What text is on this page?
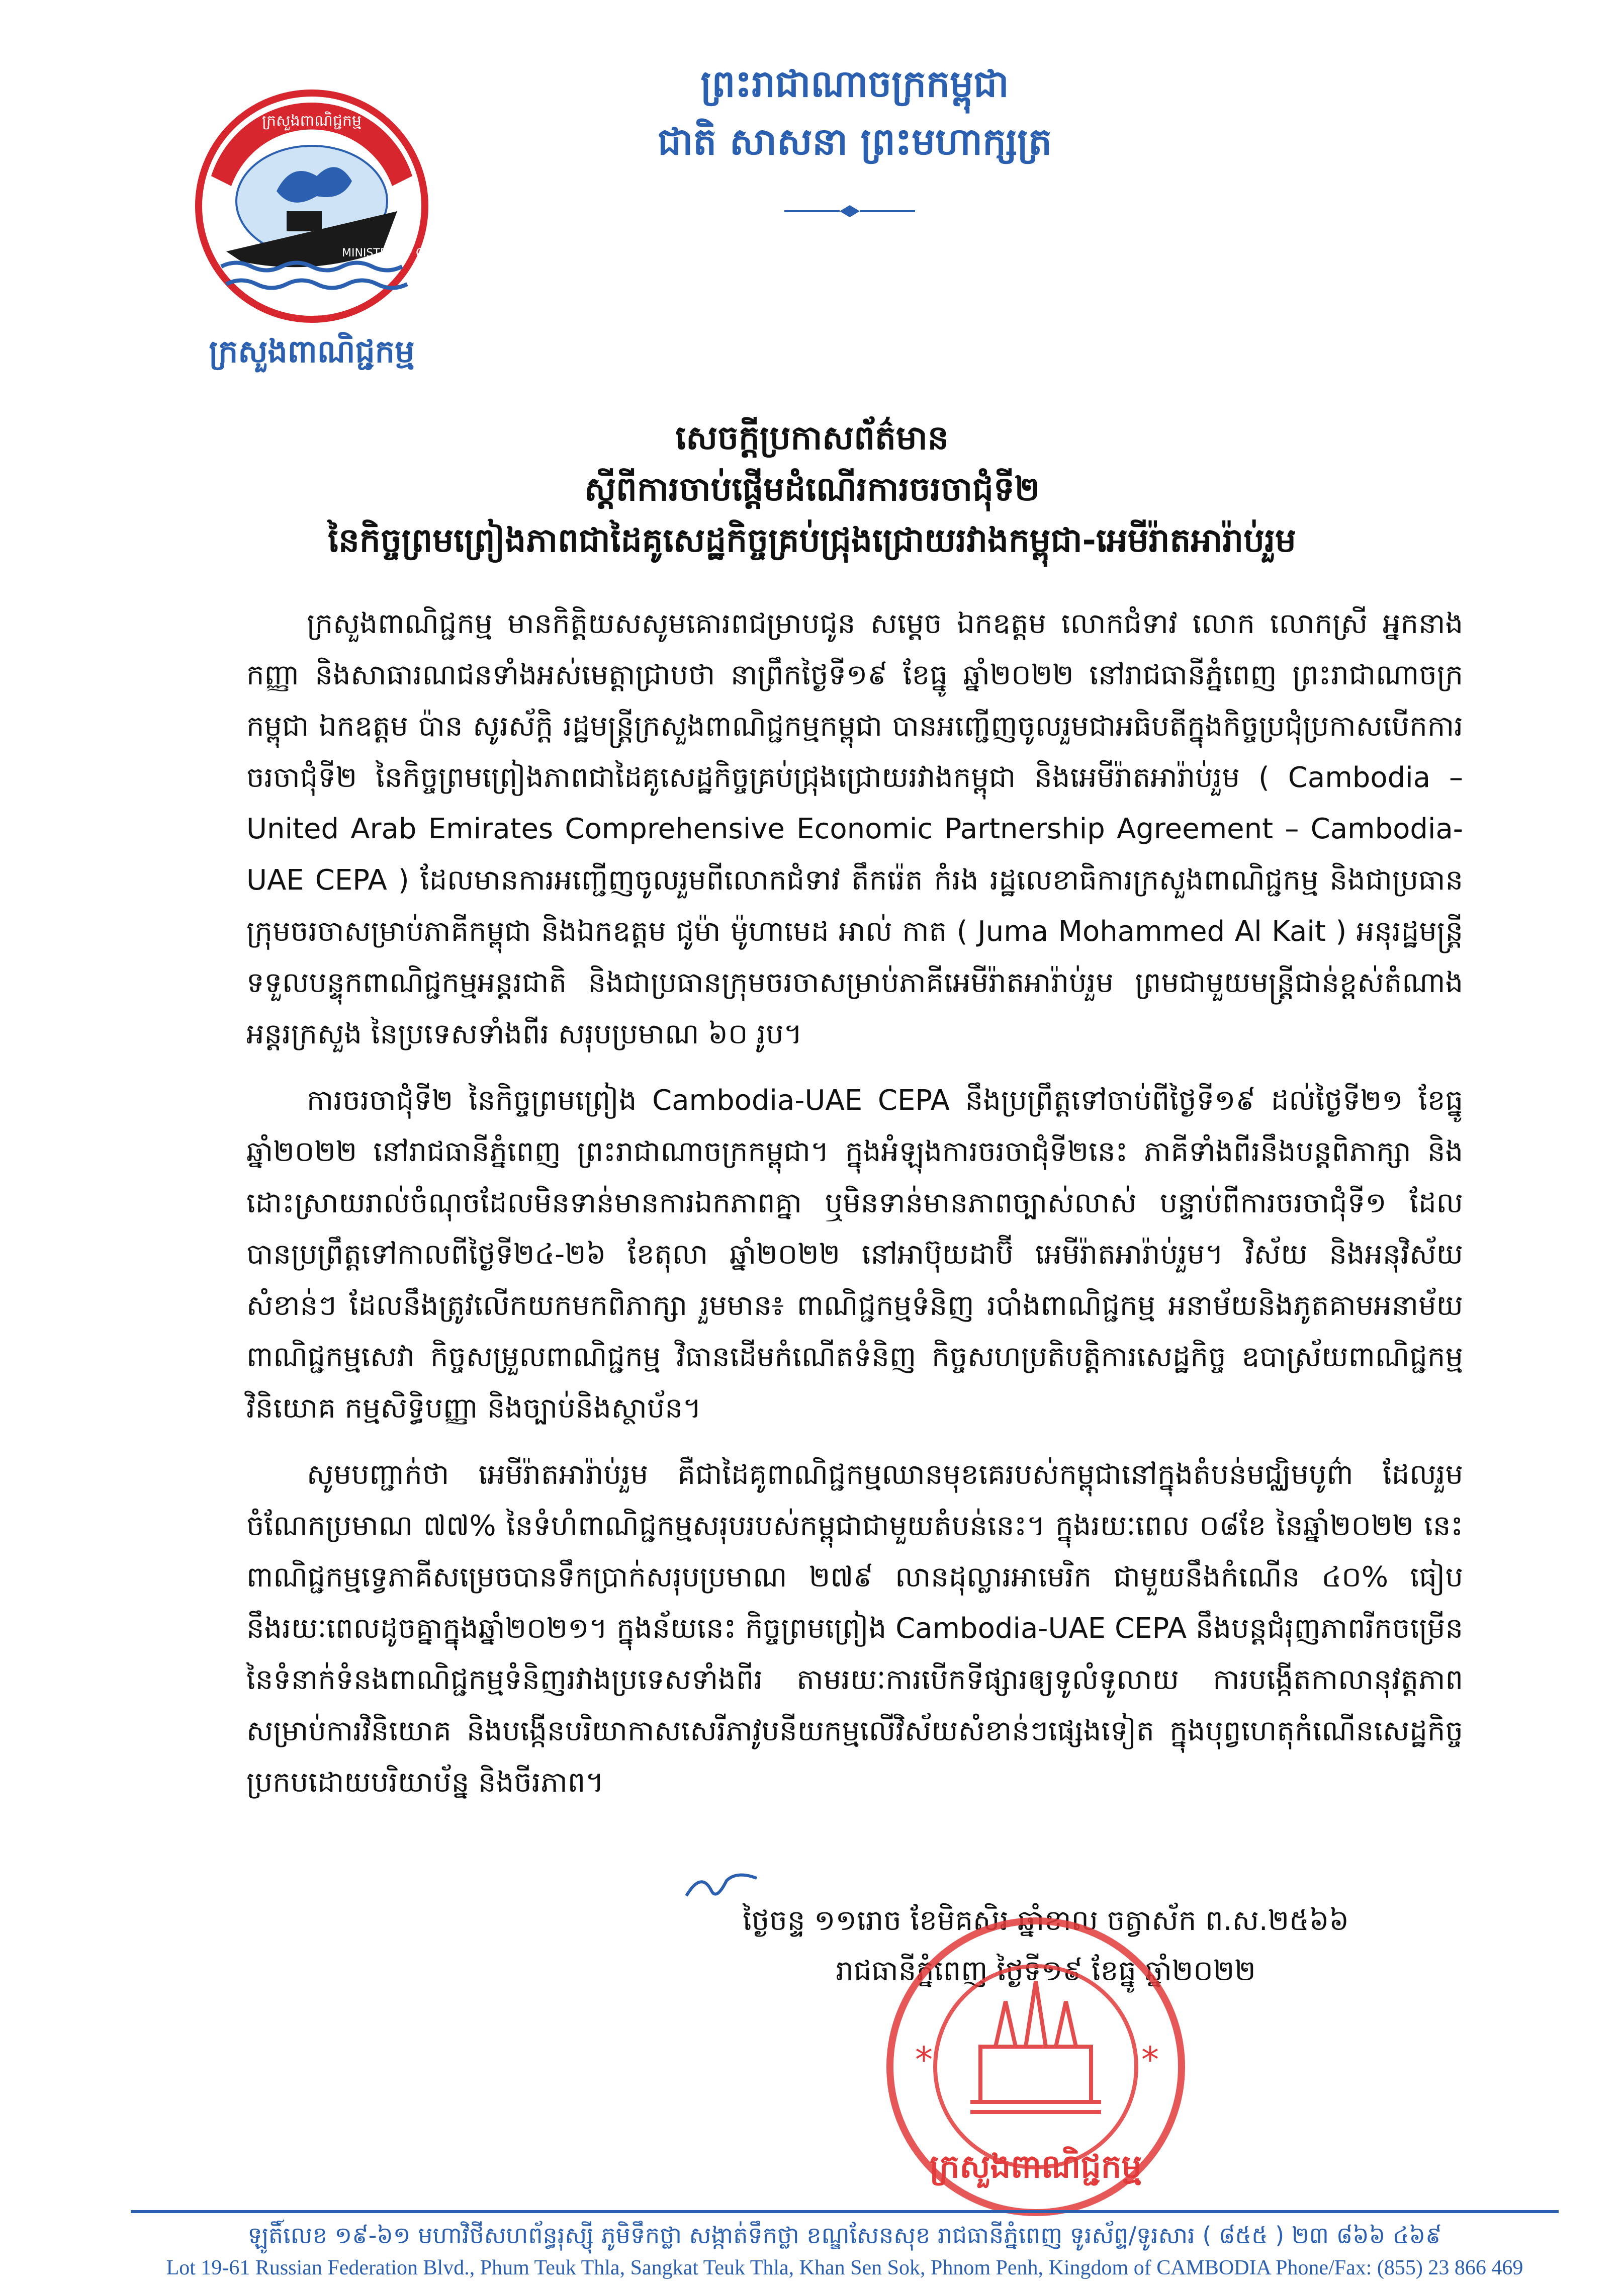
MINISTRY OF COMMERCE
ក្រសួងពាណិជ្ជកម្ម
ក្រសួងពាណិជ្ជកម្ម
ព្រះរាជាណាចក្រកម្ពុជា
ជាតិ សាសនា ព្រះមហាក្សត្រ
សេចក្តីប្រកាសព័ត៌មាន
ស្តីពីការចាប់ផ្តើមដំណើរការចរចាជុំទី២
នៃកិច្ចព្រមព្រៀងភាពជាដៃគូសេដ្ឋកិច្ចគ្រប់ជ្រុងជ្រោយរវាងកម្ពុជា-អេមីរ៉ាតអារ៉ាប់រួម

ក្រសួងពាណិជ្ជកម្ម មានកិត្តិយសសូមគោរពជម្រាបជូន សម្តេច ឯកឧត្តម លោកជំទាវ លោក លោកស្រី អ្នកនាង កញ្ញា និងសាធារណជនទាំងអស់មេត្តាជ្រាបថា នាព្រឹកថ្ងៃទី១៩ ខែធ្នូ ឆ្នាំ២០២២ នៅរាជធានីភ្នំពេញ ព្រះរាជាណាចក្រកម្ពុជា ឯកឧត្តម ប៉ាន សូរស័ក្តិ រដ្ឋមន្ត្រីក្រសួងពាណិជ្ជកម្មកម្ពុជា បានអញ្ជើញចូលរួមជាអធិបតីក្នុងកិច្ចប្រជុំប្រកាសបើកការចរចាជុំទី២ នៃកិច្ចព្រមព្រៀងភាពជាដៃគូសេដ្ឋកិច្ចគ្រប់ជ្រុងជ្រោយរវាងកម្ពុជា និងអេមីរ៉ាតអារ៉ាប់រួម ( Cambodia – United Arab Emirates Comprehensive Economic Partnership Agreement – Cambodia-UAE CEPA ) ដែលមានការអញ្ជើញចូលរួមពីលោកជំទាវ តឹករ៉េត កំរង រដ្ឋលេខាធិការក្រសួងពាណិជ្ជកម្ម និងជាប្រធានក្រុមចរចាសម្រាប់ភាគីកម្ពុជា និងឯកឧត្តម ជូម៉ា ម៉ូហាមេដ អាល់ កាត ( Juma Mohammed Al Kait ) អនុរដ្ឋមន្ត្រីទទួលបន្ទុកពាណិជ្ជកម្មអន្តរជាតិ និងជាប្រធានក្រុមចរចាសម្រាប់ភាគីអេមីរ៉ាតអារ៉ាប់រួម ព្រមជាមួយមន្ត្រីជាន់ខ្ពស់តំណាងអន្តរក្រសួង នៃប្រទេសទាំងពីរ សរុបប្រមាណ ៦០ រូប។

ការចរចាជុំទី២ នៃកិច្ចព្រមព្រៀង Cambodia-UAE CEPA នឹងប្រព្រឹត្តទៅចាប់ពីថ្ងៃទី១៩ ដល់ថ្ងៃទី២១ ខែធ្នូ ឆ្នាំ២០២២ នៅរាជធានីភ្នំពេញ ព្រះរាជាណាចក្រកម្ពុជា។ ក្នុងអំឡុងការចរចាជុំទី២នេះ ភាគីទាំងពីរនឹងបន្តពិភាក្សា និងដោះស្រាយរាល់ចំណុចដែលមិនទាន់មានការឯកភាពគ្នា ឬមិនទាន់មានភាពច្បាស់លាស់ បន្ទាប់ពីការចរចាជុំទី១ ដែលបានប្រព្រឹត្តទៅកាលពីថ្ងៃទី២៤-២៦ ខែតុលា ឆ្នាំ២០២២ នៅអាប៊ុយដាប៊ី អេមីរ៉ាតអារ៉ាប់រួម។ វិស័យ និងអនុវិស័យសំខាន់ៗ ដែលនឹងត្រូវលើកយកមកពិភាក្សា រួមមាន៖ ពាណិជ្ជកម្មទំនិញ របាំងពាណិជ្ជកម្ម អនាម័យនិងភូតគាមអនាម័យ ពាណិជ្ជកម្មសេវា កិច្ចសម្រួលពាណិជ្ជកម្ម វិធានដើមកំណើតទំនិញ កិច្ចសហប្រតិបត្តិការសេដ្ឋកិច្ច ឧបាស្រ័យពាណិជ្ជកម្ម វិនិយោគ កម្មសិទ្ធិបញ្ញា និងច្បាប់និងស្ថាប័ន។

សូមបញ្ជាក់ថា អេមីរ៉ាតអារ៉ាប់រួម គឺជាដៃគូពាណិជ្ជកម្មឈានមុខគេរបស់កម្ពុជានៅក្នុងតំបន់មជ្ឈិមបូព៌ា ដែលរួមចំណែកប្រមាណ ៧៧% នៃទំហំពាណិជ្ជកម្មសរុបរបស់កម្ពុជាជាមួយតំបន់នេះ។ ក្នុងរយៈពេល ០៨ខែ នៃឆ្នាំ២០២២ នេះ ពាណិជ្ជកម្មទ្វេភាគីសម្រេចបានទឹកប្រាក់សរុបប្រមាណ ២៧៩ លានដុល្លារអាមេរិក ជាមួយនឹងកំណើន ៤០% ធៀបនឹងរយៈពេលដូចគ្នាក្នុងឆ្នាំ២០២១។ ក្នុងន័យនេះ កិច្ចព្រមព្រៀង Cambodia-UAE CEPA នឹងបន្តជំរុញភាពរីកចម្រើននៃទំនាក់ទំនងពាណិជ្ជកម្មទំនិញរវាងប្រទេសទាំងពីរ តាមរយៈការបើកទីផ្សារឲ្យទូលំទូលាយ ការបង្កើតកាលានុវត្តភាពសម្រាប់ការវិនិយោគ និងបង្កើនបរិយាកាសសេរីភាវូបនីយកម្មលើវិស័យសំខាន់ៗផ្សេងទៀត ក្នុងបុព្វហេតុកំណើនសេដ្ឋកិច្ចប្រកបដោយបរិយាប័ន្ន និងចីរភាព។

ថ្ងៃចន្ទ ១១រោច ខែមិគសិរ ឆ្នាំខាល ចត្វាស័ក ព.ស.២៥៦៦
រាជធានីភ្នំពេញ ថ្ងៃទី១៩ ខែធ្នូ ឆ្នាំ២០២២
*	*
ក្រសួងពាណិជ្ជកម្ម
ឡូតិ៍លេខ ១៩-៦១ មហាវិថីសហព័ន្ធរុស្ស៊ី ភូមិទឹកថ្លា សង្កាត់ទឹកថ្លា ខណ្ឌសែនសុខ រាជធានីភ្នំពេញ ទូរស័ព្ទ/ទូរសារ ( ៨៥៥ ) ២៣ ៨៦៦ ៤៦៩
Lot 19-61 Russian Federation Blvd., Phum Teuk Thla, Sangkat Teuk Thla, Khan Sen Sok, Phnom Penh, Kingdom of CAMBODIA Phone/Fax: (855) 23 866 469
